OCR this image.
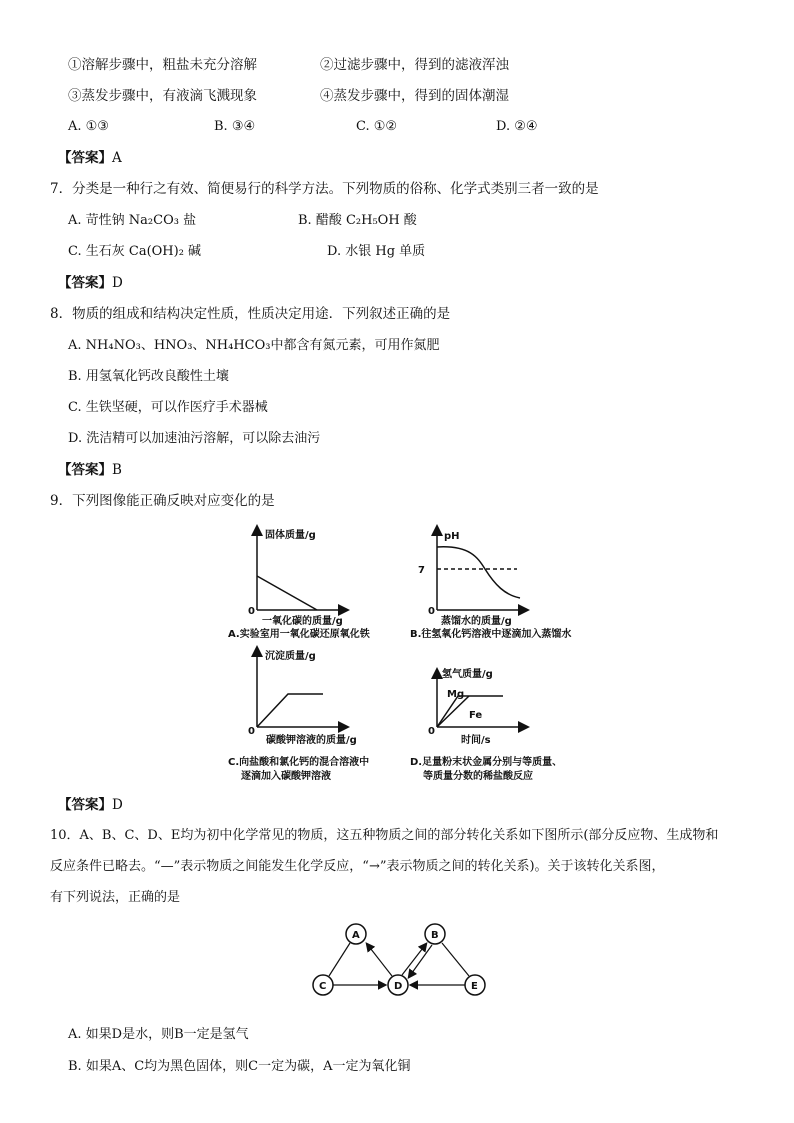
①溶解步骤中，粗盐未充分溶解	②过滤步骤中，得到的滤液浑浊
③蒸发步骤中，有液滴飞溅现象	④蒸发步骤中，得到的固体潮湿
A. ①③	B. ③④	C. ①②	D. ②④
【答案】A
7．分类是一种行之有效、简便易行的科学方法。下列物质的俗称、化学式类别三者一致的是
A. 苛性钠 Na₂CO₃ 盐	B. 醋酸 C₂H₅OH 酸
C. 生石灰 Ca(OH)₂ 碱	D. 水银 Hg 单质
【答案】D
8．物质的组成和结构决定性质，性质决定用途．下列叙述正确的是
A. NH₄NO₃、HNO₃、NH₄HCO₃中都含有氮元素，可用作氮肥
B. 用氢氧化钙改良酸性土壤
C. 生铁坚硬，可以作医疗手术器械
D. 洗洁精可以加速油污溶解，可以除去油污
【答案】B
9．下列图像能正确反映对应变化的是
固体质量/g
0
一氧化碳的质量/g
A.实验室用一氧化碳还原氧化铁
pH
7
0
蒸馏水的质量/g
B.往氢氧化钙溶液中逐滴加入蒸馏水
沉淀质量/g
0
碳酸钾溶液的质量/g
C.向盐酸和氯化钙的混合溶液中
逐滴加入碳酸钾溶液
氢气质量/g
Mg
Fe
0
时间/s
D.足量粉末状金属分别与等质量、
等质量分数的稀盐酸反应
A	B
C	D	E
【答案】D
10．A、B、C、D、E均为初中化学常见的物质，这五种物质之间的部分转化关系如下图所示(部分反应物、生成物和
反应条件已略去。“—”表示物质之间能发生化学反应，“→”表示物质之间的转化关系)。关于该转化关系图，
有下列说法，正确的是
A. 如果D是水，则B一定是氢气
B. 如果A、C均为黑色固体，则C一定为碳，A一定为氧化铜
